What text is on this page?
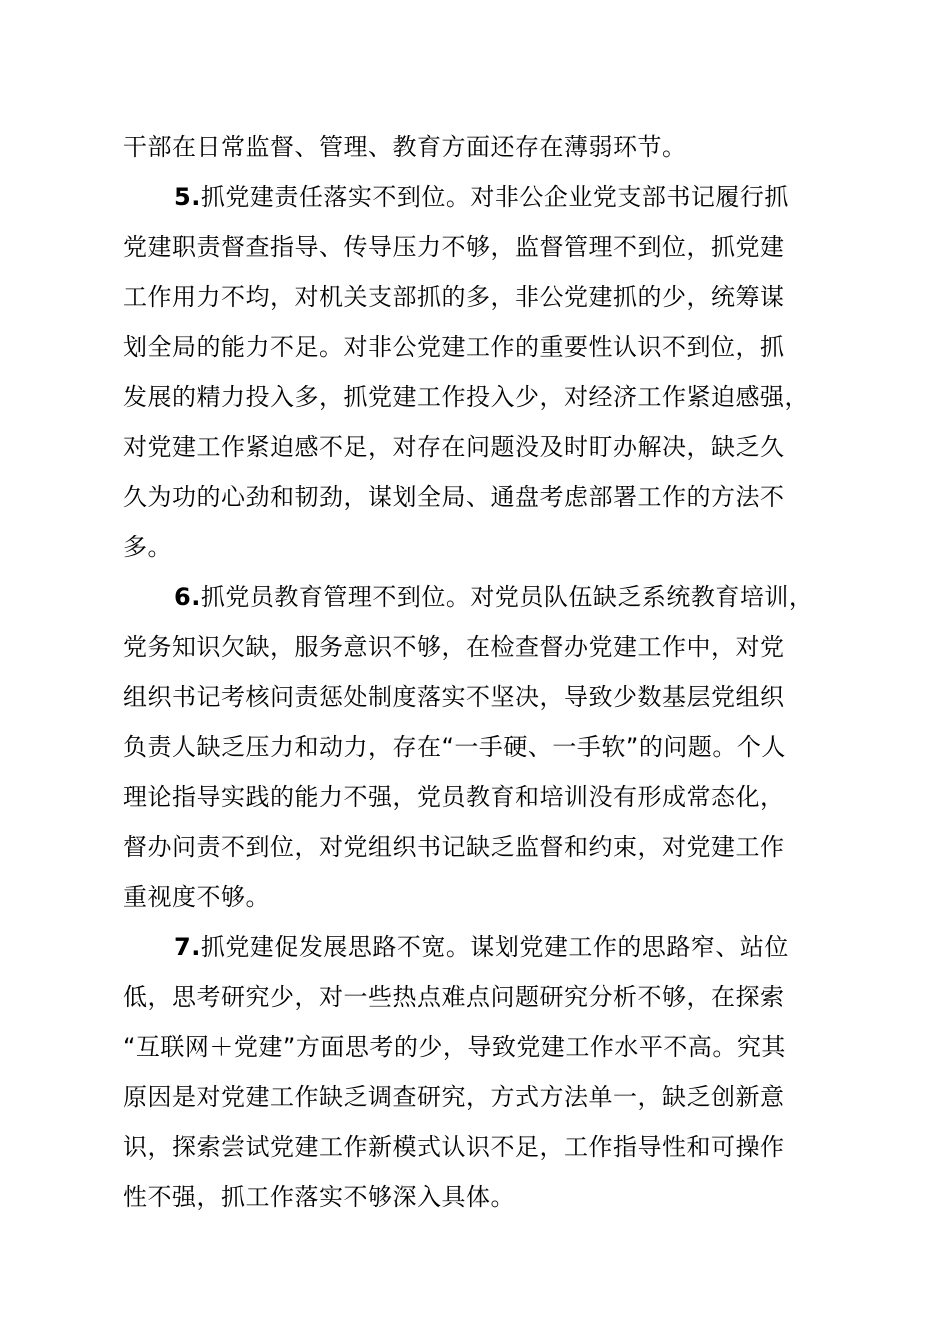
干部在日常监督、管理、教育方面还存在薄弱环节。
5.抓党建责任落实不到位。对非公企业党支部书记履行抓
党建职责督查指导、传导压力不够，监督管理不到位，抓党建
工作用力不均，对机关支部抓的多，非公党建抓的少，统筹谋
划全局的能力不足。对非公党建工作的重要性认识不到位，抓
发展的精力投入多，抓党建工作投入少，对经济工作紧迫感强，
对党建工作紧迫感不足，对存在问题没及时盯办解决，缺乏久
久为功的心劲和韧劲，谋划全局、通盘考虑部署工作的方法不
多。
6.抓党员教育管理不到位。对党员队伍缺乏系统教育培训，
党务知识欠缺，服务意识不够，在检查督办党建工作中，对党
组织书记考核问责惩处制度落实不坚决，导致少数基层党组织
负责人缺乏压力和动力，存在“一手硬、一手软”的问题。个人
理论指导实践的能力不强，党员教育和培训没有形成常态化，
督办问责不到位，对党组织书记缺乏监督和约束，对党建工作
重视度不够。
7.抓党建促发展思路不宽。谋划党建工作的思路窄、站位
低，思考研究少，对一些热点难点问题研究分析不够，在探索
“互联网＋党建”方面思考的少，导致党建工作水平不高。究其
原因是对党建工作缺乏调查研究，方式方法单一，缺乏创新意
识，探索尝试党建工作新模式认识不足，工作指导性和可操作
性不强，抓工作落实不够深入具体。
